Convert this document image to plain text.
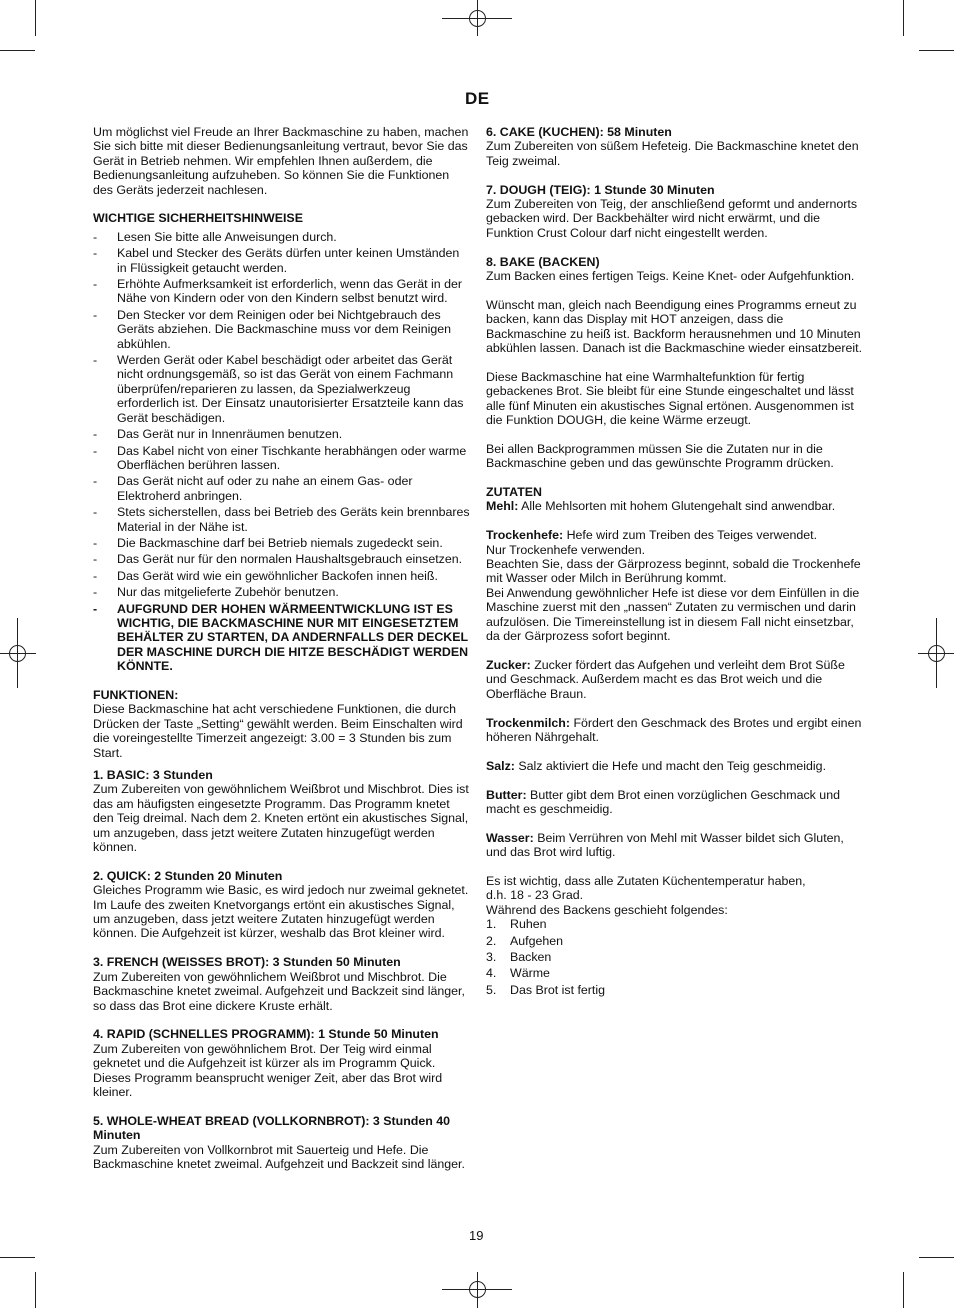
DE

Um möglichst viel Freude an Ihrer Backmaschine zu haben, machen Sie sich bitte mit dieser Bedienungsanleitung vertraut, bevor Sie das Gerät in Betrieb nehmen. Wir empfehlen Ihnen außerdem, die Bedienungsanleitung aufzuheben. So können Sie die Funktionen des Geräts jederzeit nachlesen.

WICHTIGE SICHERHEITSHINWEISE

- Lesen Sie bitte alle Anweisungen durch.
- Kabel und Stecker des Geräts dürfen unter keinen Umständen in Flüssigkeit getaucht werden.
- Erhöhte Aufmerksamkeit ist erforderlich, wenn das Gerät in der Nähe von Kindern oder von den Kindern selbst benutzt wird.
- Den Stecker vor dem Reinigen oder bei Nichtgebrauch des Geräts abziehen. Die Backmaschine muss vor dem Reinigen abkühlen.
- Werden Gerät oder Kabel beschädigt oder arbeitet das Gerät nicht ordnungsgemäß, so ist das Gerät von einem Fachmann überprüfen/reparieren zu lassen, da Spezialwerkzeug erforderlich ist. Der Einsatz unautorisierter Ersatzteile kann das Gerät beschädigen.
- Das Gerät nur in Innenräumen benutzen.
- Das Kabel nicht von einer Tischkante herabhängen oder warme Oberflächen berühren lassen.
- Das Gerät nicht auf oder zu nahe an einem Gas- oder Elektroherd anbringen.
- Stets sicherstellen, dass bei Betrieb des Geräts kein brennbares Material in der Nähe ist.
- Die Backmaschine darf bei Betrieb niemals zugedeckt sein.
- Das Gerät nur für den normalen Haushaltsgebrauch einsetzen.
- Das Gerät wird wie ein gewöhnlicher Backofen innen heiß.
- Nur das mitgelieferte Zubehör benutzen.
- AUFGRUND DER HOHEN WÄRMEENTWICKLUNG IST ES WICHTIG, DIE BACKMASCHINE NUR MIT EINGESETZTEM BEHÄLTER ZU STARTEN, DA ANDERNFALLS DER DECKEL DER MASCHINE DURCH DIE HITZE BESCHÄDIGT WERDEN KÖNNTE.

FUNKTIONEN:

Diese Backmaschine hat acht verschiedene Funktionen, die durch Drücken der Taste „Setting“ gewählt werden. Beim Einschalten wird die voreingestellte Timerzeit angezeigt: 3.00 = 3 Stunden bis zum Start.

1. BASIC: 3 Stunden

Zum Zubereiten von gewöhnlichem Weißbrot und Mischbrot. Dies ist das am häufigsten eingesetzte Programm. Das Programm knetet den Teig dreimal. Nach dem 2. Kneten ertönt ein akustisches Signal, um anzugeben, dass jetzt weitere Zutaten hinzugefügt werden können.

2. QUICK: 2 Stunden 20 Minuten

Gleiches Programm wie Basic, es wird jedoch nur zweimal geknetet. Im Laufe des zweiten Knetvorgangs ertönt ein akustisches Signal, um anzugeben, dass jetzt weitere Zutaten hinzugefügt werden können. Die Aufgehzeit ist kürzer, weshalb das Brot kleiner wird.

3. FRENCH (WEISSES BROT): 3 Stunden 50 Minuten

Zum Zubereiten von gewöhnlichem Weißbrot und Mischbrot. Die Backmaschine knetet zweimal. Aufgehzeit und Backzeit sind länger, so dass das Brot eine dickere Kruste erhält.

4. RAPID (SCHNELLES PROGRAMM): 1 Stunde 50 Minuten

Zum Zubereiten von gewöhnlichem Brot. Der Teig wird einmal geknetet und die Aufgehzeit ist kürzer als im Programm Quick. Dieses Programm beansprucht weniger Zeit, aber das Brot wird kleiner.

5. WHOLE-WHEAT BREAD (VOLLKORNBROT): 3 Stunden 40 Minuten

Zum Zubereiten von Vollkornbrot mit Sauerteig und Hefe. Die Backmaschine knetet zweimal. Aufgehzeit und Backzeit sind länger.

6. CAKE (KUCHEN): 58 Minuten

Zum Zubereiten von süßem Hefeteig. Die Backmaschine knetet den Teig zweimal.

7. DOUGH (TEIG): 1 Stunde 30 Minuten

Zum Zubereiten von Teig, der anschließend geformt und andernorts gebacken wird. Der Backbehälter wird nicht erwärmt, und die Funktion Crust Colour darf nicht eingestellt werden.

8. BAKE (BACKEN)

Zum Backen eines fertigen Teigs. Keine Knet- oder Aufgehfunktion.

Wünscht man, gleich nach Beendigung eines Programms erneut zu backen, kann das Display mit HOT anzeigen, dass die Backmaschine zu heiß ist. Backform herausnehmen und 10 Minuten abkühlen lassen. Danach ist die Backmaschine wieder einsatzbereit.

Diese Backmaschine hat eine Warmhaltefunktion für fertig gebackenes Brot. Sie bleibt für eine Stunde eingeschaltet und lässt alle fünf Minuten ein akustisches Signal ertönen. Ausgenommen ist die Funktion DOUGH, die keine Wärme erzeugt.

Bei allen Backprogrammen müssen Sie die Zutaten nur in die Backmaschine geben und das gewünschte Programm drücken.

ZUTATEN

Mehl: Alle Mehlsorten mit hohem Glutengehalt sind anwendbar.

Trockenhefe: Hefe wird zum Treiben des Teiges verwendet.

Nur Trockenhefe verwenden.

Beachten Sie, dass der Gärprozess beginnt, sobald die Trockenhefe mit Wasser oder Milch in Berührung kommt.

Bei Anwendung gewöhnlicher Hefe ist diese vor dem Einfüllen in die Maschine zuerst mit den „nassen“ Zutaten zu vermischen und darin aufzulösen. Die Timereinstellung ist in diesem Fall nicht einsetzbar, da der Gärprozess sofort beginnt.

Zucker: Zucker fördert das Aufgehen und verleiht dem Brot Süße und Geschmack. Außerdem macht es das Brot weich und die Oberfläche Braun.

Trockenmilch: Fördert den Geschmack des Brotes und ergibt einen höheren Nährgehalt.

Salz: Salz aktiviert die Hefe und macht den Teig geschmeidig.

Butter: Butter gibt dem Brot einen vorzüglichen Geschmack und macht es geschmeidig.

Wasser: Beim Verrühren von Mehl mit Wasser bildet sich Gluten, und das Brot wird luftig.

Es ist wichtig, dass alle Zutaten Küchentemperatur haben,

d.h. 18 - 23 Grad.

Während des Backens geschieht folgendes:

1.	Ruhen
2.	Aufgehen
3.	Backen
4.	Wärme
5.	Das Brot ist fertig
19
